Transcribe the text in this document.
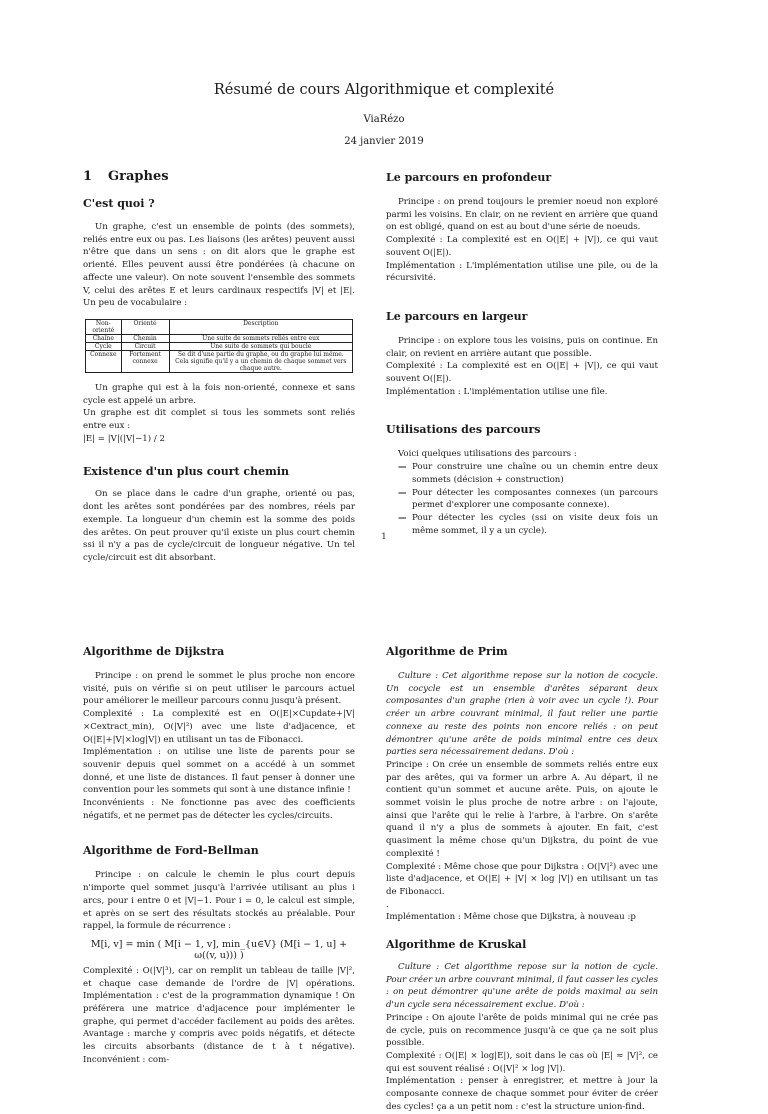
Résumé de cours Algorithmique et complexité
ViaRézo
24 janvier 2019
1 Graphes
C'est quoi ?

Un graphe, c'est un ensemble de points (des sommets), reliés entre eux ou pas. Les liaisons (les arêtes) peuvent aussi n'être que dans un sens : on dit alors que le graphe est orienté. Elles peuvent aussi être pondérées (à chacune on affecte une valeur). On note souvent l'ensemble des sommets V, celui des arêtes E et leurs cardinaux respectifs |V| et |E|. Un peu de vocabulaire :

Non-orienté	Orienté	Description
Chaîne	Chemin	Une suite de sommets reliés entre eux
Cycle	Circuit	Une suite de sommets qui boucle
Connexe	Fortement connexe	Se dit d'une partie du graphe, ou du graphe lui même. Cela signifie qu'il y a un chemin de chaque sommet vers chaque autre.

Un graphe qui est à la fois non-orienté, connexe et sans cycle est appelé un arbre.

Un graphe est dit complet si tous les sommets sont reliés entre eux :

|E| = |V|(|V|−1) / 2

Existence d'un plus court chemin

On se place dans le cadre d'un graphe, orienté ou pas, dont les arêtes sont pondérées par des nombres, réels par exemple. La longueur d'un chemin est la somme des poids des arêtes. On peut prouver qu'il existe un plus court chemin ssi il n'y a pas de cycle/circuit de longueur négative. Un tel cycle/circuit est dit absorbant.

Le parcours en profondeur

Principe : on prend toujours le premier noeud non exploré parmi les voisins. En clair, on ne revient en arrière que quand on est obligé, quand on est au bout d'une série de noeuds.

Complexité : La complexité est en O(|E| + |V|), ce qui vaut souvent O(|E|).

Implémentation : L'implémentation utilise une pile, ou de la récursivité.

Le parcours en largeur

Principe : on explore tous les voisins, puis on continue. En clair, on revient en arrière autant que possible.

Complexité : La complexité est en O(|E| + |V|), ce qui vaut souvent O(|E|).

Implémentation : L'implémentation utilise une file.

Utilisations des parcours

Voici quelques utilisations des parcours :

— Pour construire une chaîne ou un chemin entre deux sommets (décision + construction)
— Pour détecter les composantes connexes (un parcours permet d'explorer une composante connexe).
— Pour détecter les cycles (ssi on visite deux fois un même sommet, il y a un cycle).
1
Algorithme de Dijkstra

Principe : on prend le sommet le plus proche non encore visité, puis on vérifie si on peut utiliser le parcours actuel pour améliorer le meilleur parcours connu jusqu'à présent.

Complexité : La complexité est en O(|E|×Cupdate+|V|×Cextract_min), O(|V|²) avec une liste d'adjacence, et O(|E|+|V|×log|V|) en utilisant un tas de Fibonacci.

Implémentation : on utilise une liste de parents pour se souvenir depuis quel sommet on a accédé à un sommet donné, et une liste de distances. Il faut penser à donner une convention pour les sommets qui sont à une distance infinie !

Inconvénients : Ne fonctionne pas avec des coefficients négatifs, et ne permet pas de détecter les cycles/circuits.

Algorithme de Ford-Bellman

Principe : on calcule le chemin le plus court depuis n'importe quel sommet jusqu'à l'arrivée utilisant au plus i arcs, pour i entre 0 et |V|−1. Pour i = 0, le calcul est simple, et après on se sert des résultats stockés au préalable. Pour rappel, la formule de récurrence :

M[i, v] = min ( M[i − 1, v], min_{u∈V} (M[i − 1, u] + ω((v, u))) )

Complexité : O(|V|³), car on remplit un tableau de taille |V|², et chaque case demande de l'ordre de |V| opérations. Implémentation : c'est de la programmation dynamique ! On préférera une matrice d'adjacence pour implémenter le graphe, qui permet d'accéder facilement au poids des arêtes. Avantage : marche y compris avec poids négatifs, et détecte les circuits absorbants (distance de t à t négative). Inconvénient : com-

Algorithme de Prim

Culture : Cet algorithme repose sur la notion de cocycle. Un cocycle est un ensemble d'arêtes séparant deux composantes d'un graphe (rien à voir avec un cycle !). Pour créer un arbre couvrant minimal, il faut relier une partie connexe au reste des points non encore reliés : on peut démontrer qu'une arête de poids minimal entre ces deux parties sera nécessairement dedans. D'où :

Principe : On crée un ensemble de sommets reliés entre eux par des arêtes, qui va former un arbre A. Au départ, il ne contient qu'un sommet et aucune arête. Puis, on ajoute le sommet voisin le plus proche de notre arbre : on l'ajoute, ainsi que l'arête qui le relie à l'arbre, à l'arbre. On s'arête quand il n'y a plus de sommets à ajouter. En fait, c'est quasiment la même chose qu'un Dijkstra, du point de vue complexité !

Complexité : Même chose que pour Dijkstra : O(|V|²) avec une liste d'adjacence, et O(|E| + |V| × log |V|) en utilisant un tas de Fibonacci.

.

Implémentation : Même chose que Dijkstra, à nouveau :p

Algorithme de Kruskal

Culture : Cet algorithme repose sur la notion de cycle. Pour créer un arbre couvrant minimal, il faut casser les cycles : on peut démontrer qu'une arête de poids maximal au sein d'un cycle sera nécessairement exclue. D'où :

Principe : On ajoute l'arête de poids minimal qui ne crée pas de cycle, puis on recommence jusqu'à ce que ça ne soit plus possible.

Complexité : O(|E| × log|E|), soit dans le cas où |E| ≈ |V|², ce qui est souvent réalisé : O(|V|² × log |V|).

Implémentation : penser à enregistrer, et mettre à jour la composante connexe de chaque sommet pour éviter de créer des cycles! ça a un petit nom : c'est la structure union-find.
